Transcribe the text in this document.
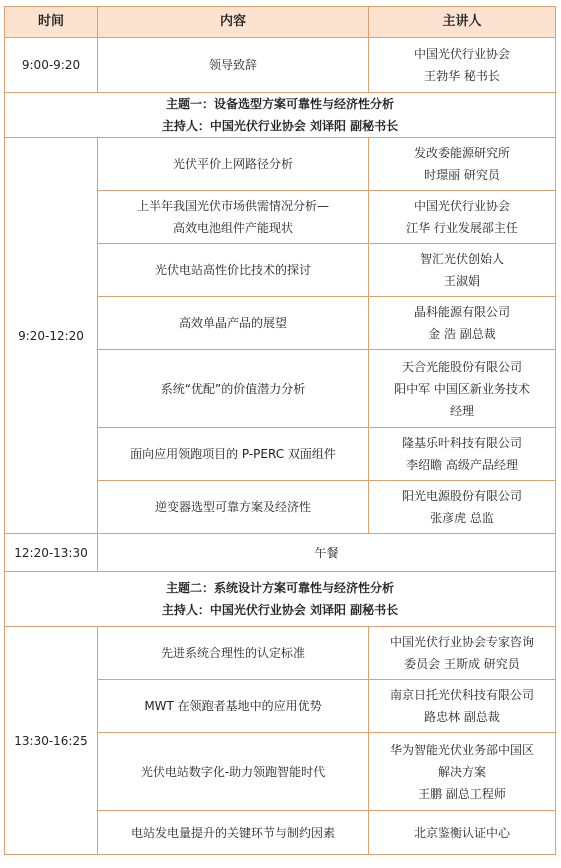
时间	内容	主讲人
9:00-9:20	领导致辞	中国光伏行业协会
王勃华 秘书长

主题一：设备选型方案可靠性与经济性分析
主持人：中国光伏行业协会 刘译阳 副秘书长		

9:20-12:20	光伏平价上网路径分析	发改委能源研究所
时璟丽 研究员

	上半年我国光伏市场供需情况分析—
高效电池组件产能现状	中国光伏行业协会
江华 行业发展部主任

	光伏电站高性价比技术的探讨	智汇光伏创始人
王淑娟

	高效单晶产品的展望	晶科能源有限公司
金 浩 副总裁

	系统“优配”的价值潜力分析	天合光能股份有限公司
阳中军 中国区新业务技术
经理

	面向应用领跑项目的 P-PERC 双面组件	隆基乐叶科技有限公司
李绍瞻 高级产品经理

	逆变器选型可靠方案及经济性	阳光电源股份有限公司
张彦虎 总监

12:20-13:30	午餐	

主题二：系统设计方案可靠性与经济性分析
主持人：中国光伏行业协会 刘译阳 副秘书长		

13:30-16:25	先进系统合理性的认定标准	中国光伏行业协会专家咨询
委员会 王斯成 研究员

	MWT 在领跑者基地中的应用优势	南京日托光伏科技有限公司
路忠林 副总裁

	光伏电站数字化-助力领跑智能时代	华为智能光伏业务部中国区
解决方案
王鹏 副总工程师

	电站发电量提升的关键环节与制约因素	北京鉴衡认证中心
